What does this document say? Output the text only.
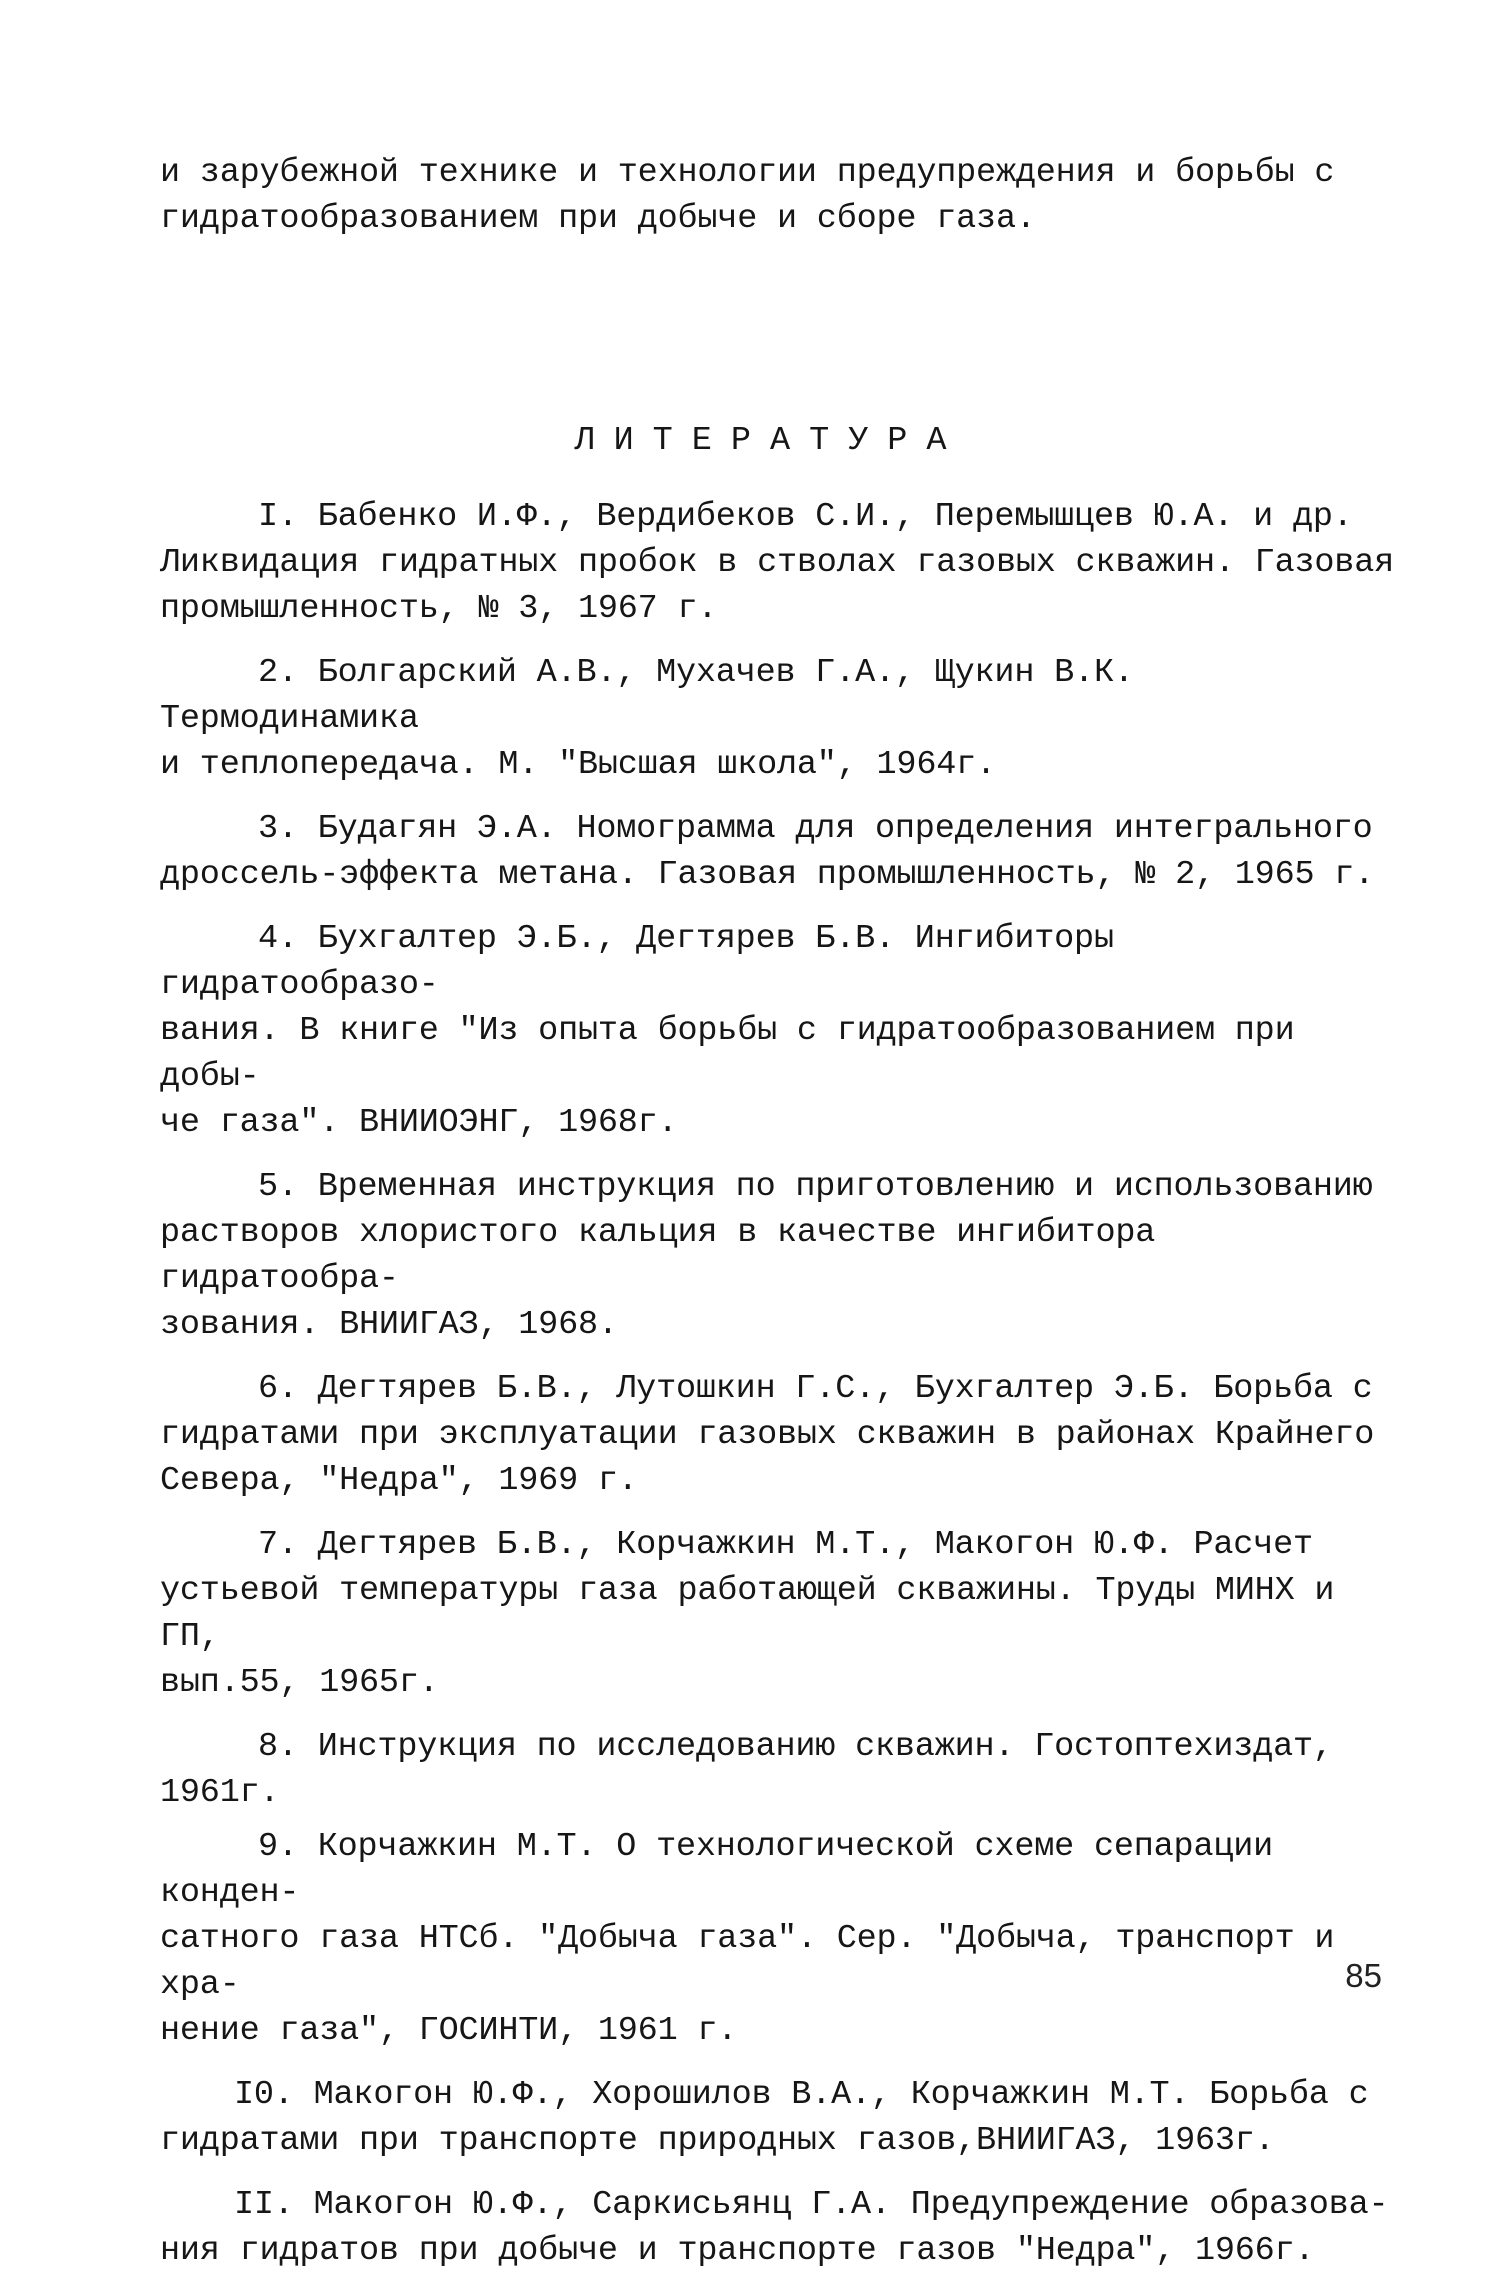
и зарубежной технике и технологии предупреждения и борьбы с
гидратообразованием при добыче и сборе газа.
ЛИТЕРАТУРА
I. Бабенко И.Ф., Вердибеков С.И., Перемышцев Ю.А. и др.
Ликвидация гидратных пробок в стволах газовых скважин. Газовая
промышленность, № 3, 1967 г.
2. Болгарский А.В., Мухачев Г.А., Щукин В.К. Термодинамика
и теплопередача. М. "Высшая школа", 1964г.
3. Будагян Э.А. Номограмма для определения интегрального
дроссель-эффекта метана. Газовая промышленность, № 2, 1965 г.
4. Бухгалтер Э.Б., Дегтярев Б.В. Ингибиторы гидратообразо-
вания. В книге "Из опыта борьбы с гидратообразованием при добы-
че газа". ВНИИОЭНГ, 1968г.
5. Временная инструкция по приготовлению и использованию
растворов хлористого кальция в качестве ингибитора гидратообра-
зования. ВНИИГАЗ, 1968.
6. Дегтярев Б.В., Лутошкин Г.С., Бухгалтер Э.Б. Борьба с
гидратами при эксплуатации газовых скважин в районах Крайнего
Севера, "Недра", 1969 г.
7. Дегтярев Б.В., Корчажкин М.Т., Макогон Ю.Ф. Расчет
устьевой температуры газа работающей скважины. Труды МИНХ и ГП,
вып.55, 1965г.
8. Инструкция по исследованию скважин. Гостоптехиздат,
1961г.
9. Корчажкин М.Т. О технологической схеме сепарации конден-
сатного газа НТСб. "Добыча газа". Сер. "Добыча, транспорт и хра-
нение газа", ГОСИНТИ, 1961 г.
I0. Макогон Ю.Ф., Хорошилов В.А., Корчажкин М.Т. Борьба с
гидратами при транспорте природных газов,ВНИИГАЗ, 1963г.
II. Макогон Ю.Ф., Саркисьянц Г.А. Предупреждение образова-
ния гидратов при добыче и транспорте газов "Недра", 1966г.
85
